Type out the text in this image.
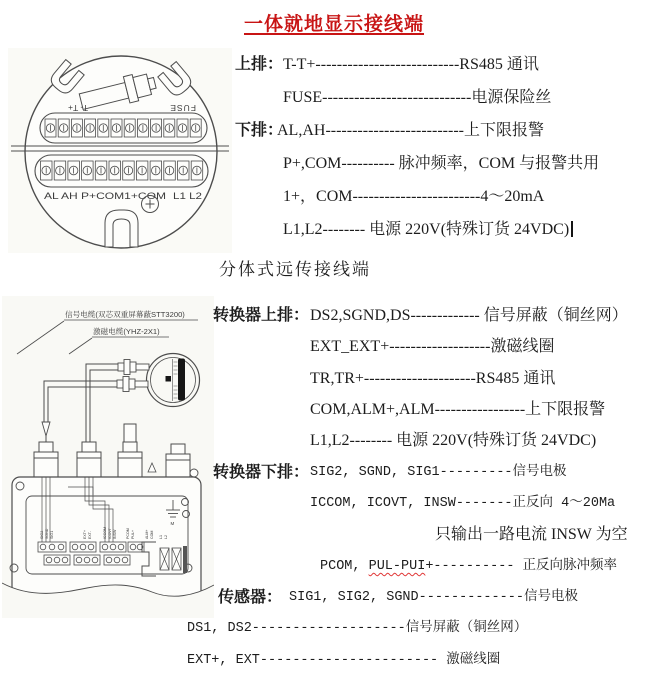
一体就地显示接线端
T- T+	FUSE
AL AH P+COM1+COM L1 L2
上排： T-T+---------------------------RS485 通讯
FUSE----------------------------电源保险丝
下排：
AL,AH--------------------------上下限报警
P+,COM---------- 脉冲频率，COM 与报警共用
1+，COM------------------------4～20mA
L1,L2-------- 电源 220V(特殊订货 24VDC)
分体式远传接线端
信号电缆(双芯双重屏幕蔽STT3200)
激磁电缆(YHZ-2X1)
SIG2 SGND SIG1	EXT+ EXT-	ICCOM ICOVT INSW	PCOM PUL+	ALM+ COM L1 L2
M
转换器上排： DS2,SGND,DS------------- 信号屏蔽（铜丝网）
EXT_EXT+-------------------激磁线圈
TR,TR+---------------------RS485 通讯
COM,ALM+,ALM-----------------上下限报警
L1,L2-------- 电源 220V(特殊订货 24VDC)
转换器下排： SIG2, SGND, SIG1---------信号电极
ICCOM, ICOVT, INSW-------正反向 4～20Ma
只输出一路电流 INSW 为空
PCOM, PUL-PUI+---------- 正反向脉冲频率
传感器： SIG1, SIG2, SGND-------------信号电极
DS1, DS2-------------------信号屏蔽（铜丝网）
EXT+, EXT---------------------- 激磁线圈
